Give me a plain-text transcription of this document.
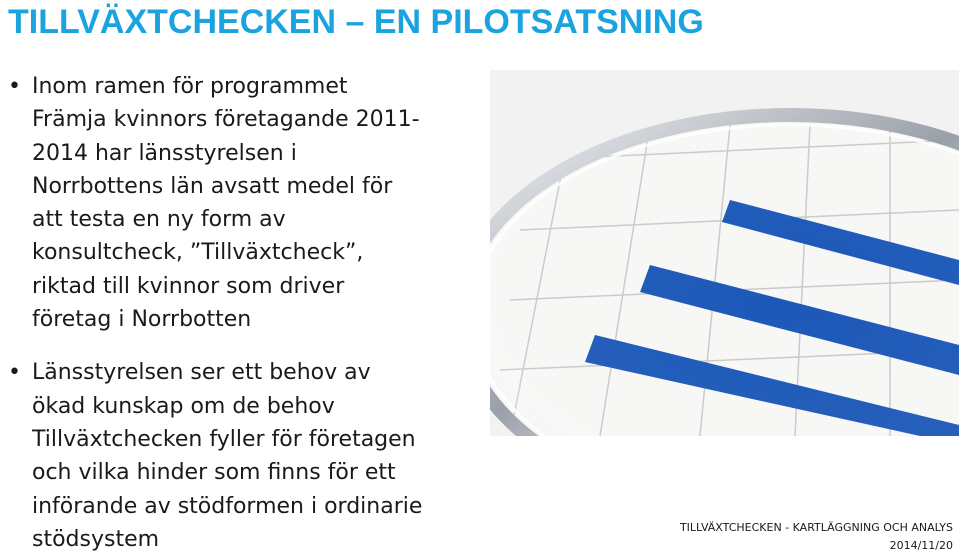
TILLVÄXTCHECKEN – EN PILOTSATSNING
• Inom ramen för programmet
Främja kvinnors företagande 2011-
2014 har länsstyrelsen i
Norrbottens län avsatt medel för
att testa en ny form av
konsultcheck, ”Tillväxtcheck”,
riktad till kvinnor som driver
företag i Norrbotten
• Länsstyrelsen ser ett behov av
ökad kunskap om de behov
Tillväxtchecken fyller för företagen
och vilka hinder som finns för ett
införande av stödformen i ordinarie
stödsystem	TILLVÄXTCHECKEN - KARTLÄGGNING OCH ANALYS
2014/11/20
